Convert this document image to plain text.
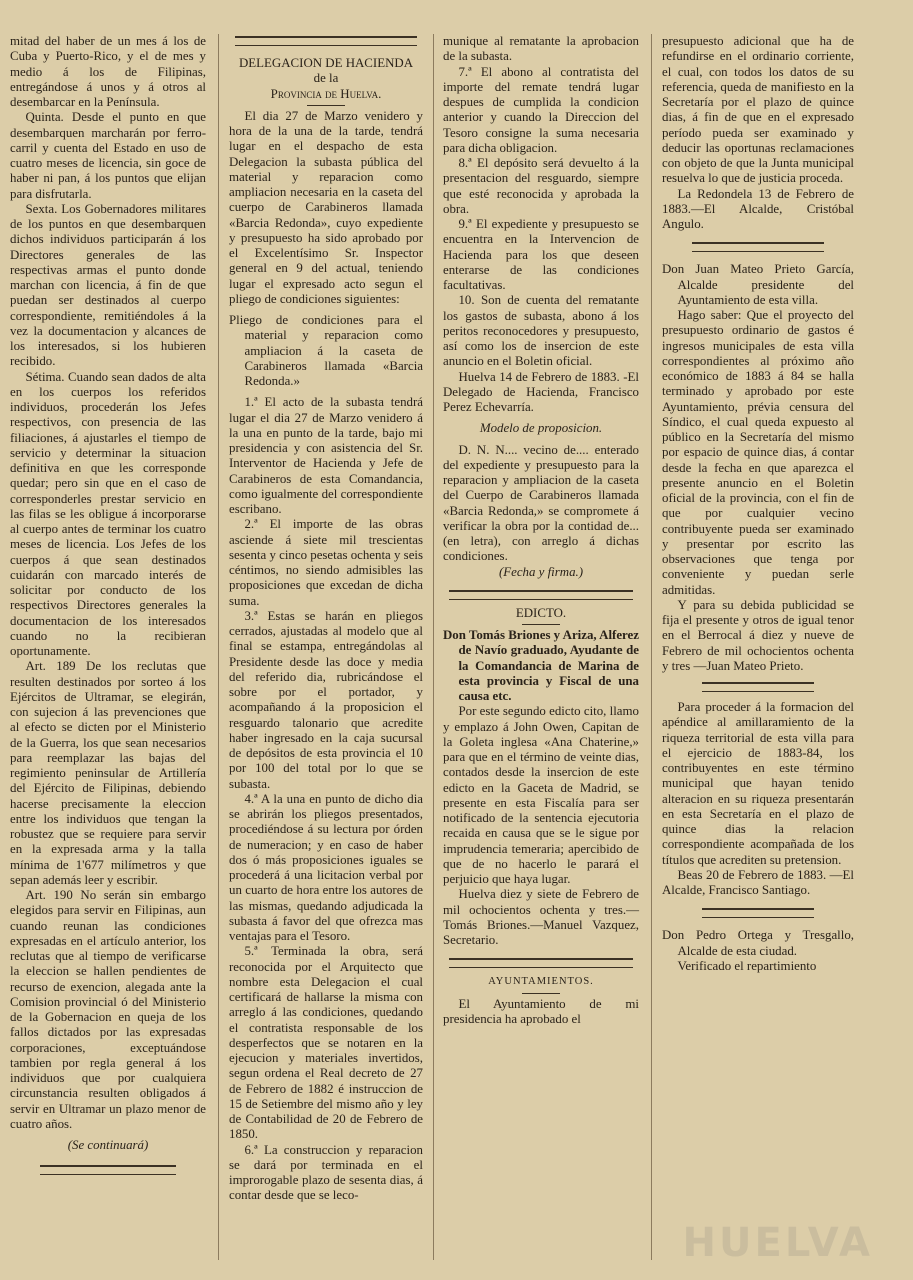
mitad del haber de un mes á los de Cuba y Puerto-Rico, y el de mes y medio á los de Filipinas, entregándose á unos y á otros al desembarcar en la Península.

Quinta. Desde el punto en que desembarquen marcharán por ferro-carril y cuenta del Estado en uso de cuatro meses de licencia, sin goce de haber ni pan, á los puntos que elijan para disfrutarla.

Sexta. Los Gobernadores militares de los puntos en que desembarquen dichos individuos participarán á los Directores generales de las respectivas armas el punto donde marchan con licencia, á fin de que puedan ser destinados al cuerpo correspondiente, remitiéndoles á la vez la documentacion y alcances de los interesados, si los hubieren recibido.

Sétima. Cuando sean dados de alta en los cuerpos los referidos individuos, procederán los Jefes respectivos, con presencia de las filiaciones, á ajustarles el tiempo de servicio y determinar la situacion definitiva en que les corresponde quedar; pero sin que en el caso de corresponderles prestar servicio en las filas se les obligue á incorporarse al cuerpo antes de terminar los cuatro meses de licencia. Los Jefes de los cuerpos á que sean destinados cuidarán con marcado interés de solicitar por conducto de los respectivos Directores generales la documentacion de los interesados cuando no la recibieran oportunamente.

Art. 189 De los reclutas que resulten destinados por sorteo á los Ejércitos de Ultramar, se elegirán, con sujecion á las prevenciones que al efecto se dicten por el Ministerio de la Guerra, los que sean necesarios para reemplazar las bajas del regimiento peninsular de Artillería del Ejército de Filipinas, debiendo hacerse precisamente la eleccion entre los individuos que tengan la robustez que se requiere para servir en la expresada arma y la talla mínima de 1'677 milímetros y que sepan además leer y escribir.

Art. 190 No serán sin embargo elegidos para servir en Filipinas, aun cuando reunan las condiciones expresadas en el artículo anterior, los reclutas que al tiempo de verificarse la eleccion se hallen pendientes de recurso de exencion, alegada ante la Comision provincial ó del Ministerio de la Gobernacion en queja de los fallos dictados por las expresadas corporaciones, exceptuándose tambien por regla general á los individuos que por cualquiera circunstancia resulten obligados á servir en Ultramar un plazo menor de cuatro años.

(Se continuará)

DELEGACION DE HACIENDA

de la

Provincia de Huelva.

El dia 27 de Marzo venidero y hora de la una de la tarde, tendrá lugar en el despacho de esta Delegacion la subasta pública del material y reparacion como ampliacion necesaria en la caseta del cuerpo de Carabineros llamada «Barcia Redonda», cuyo expediente y presupuesto ha sido aprobado por el Excelentísimo Sr. Inspector general en 9 del actual, teniendo lugar el expresado acto segun el pliego de condiciones siguientes:

Pliego de condiciones para el material y reparacion como ampliacion á la caseta de Carabineros llamada «Barcia Redonda.»

1.ª El acto de la subasta tendrá lugar el dia 27 de Marzo venidero á la una en punto de la tarde, bajo mi presidencia y con asistencia del Sr. Interventor de Hacienda y Jefe de Carabineros de esta Comandancia, como igualmente del correspondiente escribano.

2.ª El importe de las obras asciende á siete mil trescientas sesenta y cinco pesetas ochenta y seis céntimos, no siendo admisibles las proposiciones que excedan de dicha suma.

3.ª Estas se harán en pliegos cerrados, ajustadas al modelo que al final se estampa, entregándolas al Presidente desde las doce y media del referido dia, rubricándose el sobre por el portador, y acompañando á la proposicion el resguardo talonario que acredite haber ingresado en la caja sucursal de depósitos de esta provincia el 10 por 100 del total por lo que se subasta.

4.ª A la una en punto de dicho dia se abrirán los pliegos presentados, procediéndose á su lectura por órden de numeracion; y en caso de haber dos ó más proposiciones iguales se procederá á una licitacion verbal por un cuarto de hora entre los autores de las mismas, quedando adjudicada la subasta á favor del que ofrezca mas ventajas para el Tesoro.

5.ª Terminada la obra, será reconocida por el Arquitecto que nombre esta Delegacion el cual certificará de hallarse la misma con arreglo á las condiciones, quedando el contratista responsable de los desperfectos que se notaren en la ejecucion y materiales invertidos, segun ordena el Real decreto de 27 de Febrero de 1882 é instruccion de 15 de Setiembre del mismo año y ley de Contabilidad de 20 de Febrero de 1850.

6.ª La construccion y reparacion se dará por terminada en el improrogable plazo de sesenta dias, á contar desde que se leco-

munique al rematante la aprobacion de la subasta.

7.ª El abono al contratista del importe del remate tendrá lugar despues de cumplida la condicion anterior y cuando la Direccion del Tesoro consigne la suma necesaria para dicha obligacion.

8.ª El depósito será devuelto á la presentacion del resguardo, siempre que esté reconocida y aprobada la obra.

9.ª El expediente y presupuesto se encuentra en la Intervencion de Hacienda para los que deseen enterarse de las condiciones facultativas.

10. Son de cuenta del rematante los gastos de subasta, abono á los peritos reconocedores y presupuesto, así como los de insercion de este anuncio en el Boletin oficial.

Huelva 14 de Febrero de 1883. -El Delegado de Hacienda, Francisco Perez Echevarría.

Modelo de proposicion.

D. N. N.... vecino de.... enterado del expediente y presupuesto para la reparacion y ampliacion de la caseta del Cuerpo de Carabineros llamada «Barcia Redonda,» se compromete á verificar la obra por la contidad de... (en letra), con arreglo á dichas condiciones.

(Fecha y firma.)

EDICTO.

Don Tomás Briones y Ariza, Alferez de Navío graduado, Ayudante de la Comandancia de Marina de esta provincia y Fiscal de una causa etc.

Por este segundo edicto cito, llamo y emplazo á John Owen, Capitan de la Goleta inglesa «Ana Chaterine,» para que en el término de veinte dias, contados desde la insercion de este edicto en la Gaceta de Madrid, se presente en esta Fiscalía para ser notificado de la sentencia ejecutoria recaida en causa que se le sigue por imprudencia temeraria; apercibido de que de no hacerlo le parará el perjuicio que haya lugar.

Huelva diez y siete de Febrero de mil ochocientos ochenta y tres.—Tomás Briones.—Manuel Vazquez, Secretario.

AYUNTAMIENTOS.

El Ayuntamiento de mi presidencia ha aprobado el

presupuesto adicional que ha de refundirse en el ordinario corriente, el cual, con todos los datos de su referencia, queda de manifiesto en la Secretaría por el plazo de quince dias, á fin de que en el expresado período pueda ser examinado y deducir las oportunas reclamaciones con objeto de que la Junta municipal resuelva lo que de justicia proceda.

La Redondela 13 de Febrero de 1883.—El Alcalde, Cristóbal Angulo.

Don Juan Mateo Prieto García, Alcalde presidente del Ayuntamiento de esta villa.

Hago saber: Que el proyecto del presupuesto ordinario de gastos é ingresos municipales de esta villa correspondientes al próximo año económico de 1883 á 84 se halla terminado y aprobado por este Ayuntamiento, prévia censura del Síndico, el cual queda expuesto al público en la Secretaría del mismo por espacio de quince dias, á contar desde la fecha en que aparezca el presente anuncio en el Boletin oficial de la provincia, con el fin de que por cualquier vecino contribuyente pueda ser examinado y presentar por escrito las observaciones que tenga por conveniente y puedan serle admitidas.

Y para su debida publicidad se fija el presente y otros de igual tenor en el Berrocal á diez y nueve de Febrero de mil ochocientos ochenta y tres —Juan Mateo Prieto.

Para proceder á la formacion del apéndice al amillaramiento de la riqueza territorial de esta villa para el ejercicio de 1883-84, los contribuyentes en este término municipal que hayan tenido alteracion en su riqueza presentarán en esta Secretaría en el plazo de quince dias la relacion correspondiente acompañada de los títulos que acrediten su pretension.

Beas 20 de Febrero de 1883. —El Alcalde, Francisco Santiago.

Don Pedro Ortega y Tresgallo, Alcalde de esta ciudad.

Verificado el repartimiento

HUELVA
